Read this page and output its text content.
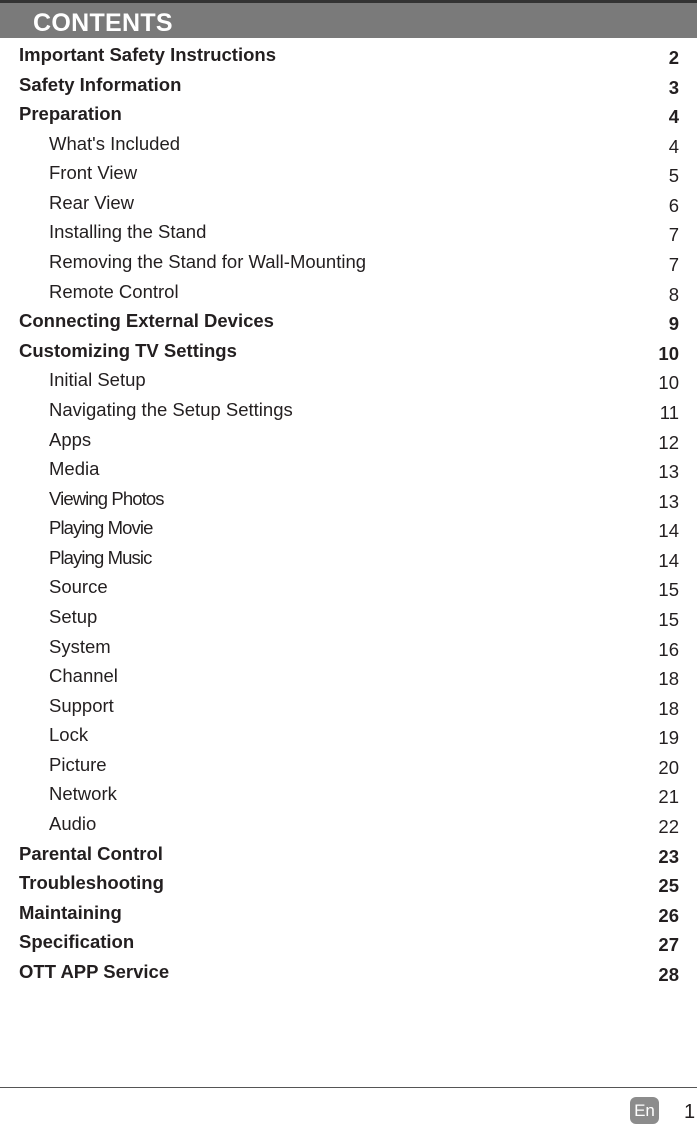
CONTENTS
Important Safety Instructions	2
Safety Information	3
Preparation	4
What's Included	4
Front View	5
Rear View	6
Installing the Stand	7
Removing the Stand for Wall-Mounting	7
Remote Control	8
Connecting External Devices	9
Customizing TV Settings	10
Initial Setup	10
Navigating the Setup Settings	11
Apps	12
Media	13
Viewing Photos	13
Playing Movie	14
Playing Music	14
Source	15
Setup	15
System	16
Channel	18
Support	18
Lock	19
Picture	20
Network	21
Audio	22
Parental Control	23
Troubleshooting	25
Maintaining	26
Specification	27
OTT APP Service	28
En 1
